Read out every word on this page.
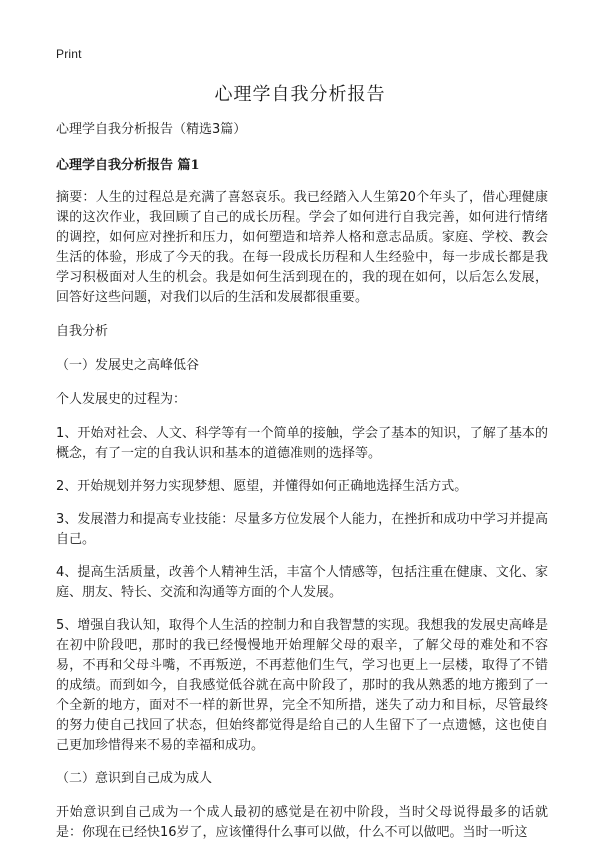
Print
心理学自我分析报告

心理学自我分析报告（精选3篇）

心理学自我分析报告 篇1

摘要：人生的过程总是充满了喜怒哀乐。我已经踏入人生第20个年头了，借心理健康课的这次作业，我回顾了自己的成长历程。学会了如何进行自我完善，如何进行情绪的调控，如何应对挫折和压力，如何塑造和培养人格和意志品质。家庭、学校、教会生活的体验，形成了今天的我。在每一段成长历程和人生经验中，每一步成长都是我学习积极面对人生的机会。我是如何生活到现在的，我的现在如何，以后怎么发展，回答好这些问题，对我们以后的生活和发展都很重要。

自我分析

（一）发展史之高峰低谷

个人发展史的过程为：

1、开始对社会、人文、科学等有一个简单的接触，学会了基本的知识，了解了基本的概念，有了一定的自我认识和基本的道德准则的选择等。

2、开始规划并努力实现梦想、愿望，并懂得如何正确地选择生活方式。

3、发展潜力和提高专业技能：尽量多方位发展个人能力，在挫折和成功中学习并提高自己。

4、提高生活质量，改善个人精神生活，丰富个人情感等，包括注重在健康、文化、家庭、朋友、特长、交流和沟通等方面的个人发展。

5、增强自我认知，取得个人生活的控制力和自我智慧的实现。我想我的发展史高峰是在初中阶段吧，那时的我已经慢慢地开始理解父母的艰辛，了解父母的难处和不容易，不再和父母斗嘴，不再叛逆，不再惹他们生气，学习也更上一层楼，取得了不错的成绩。而到如今，自我感觉低谷就在高中阶段了，那时的我从熟悉的地方搬到了一个全新的地方，面对不一样的新世界，完全不知所措，迷失了动力和目标，尽管最终的努力使自己找回了状态，但始终都觉得是给自己的人生留下了一点遗憾，这也使自己更加珍惜得来不易的幸福和成功。

（二）意识到自己成为成人

开始意识到自己成为一个成人最初的感觉是在初中阶段，当时父母说得最多的话就是：你现在已经快16岁了，应该懂得什么事可以做，什么不可以做吧。当时一听这
